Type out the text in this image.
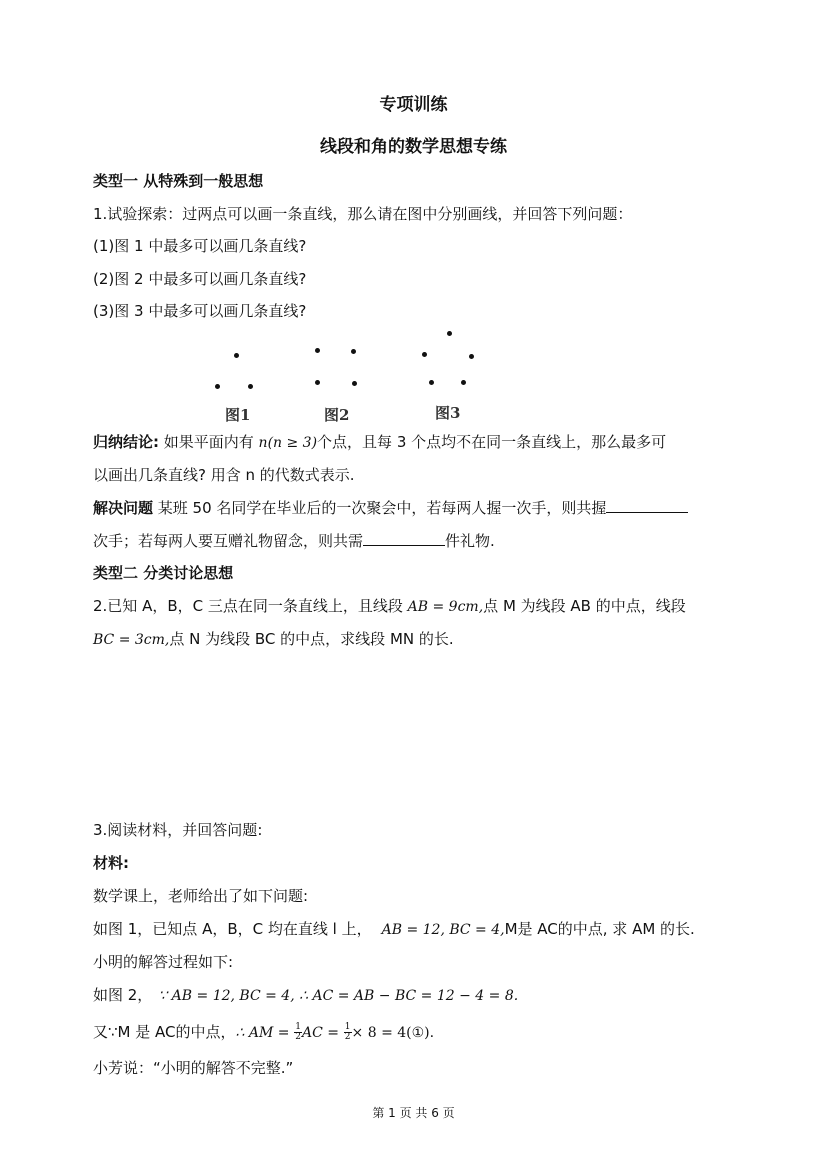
专项训练
线段和角的数学思想专练
类型一 从特殊到一般思想
1.试验探索：过两点可以画一条直线，那么请在图中分别画线，并回答下列问题：
(1)图 1 中最多可以画几条直线?
(2)图 2 中最多可以画几条直线?
(3)图 3 中最多可以画几条直线?
图1	图2	图3
归纳结论: 如果平面内有 n(n ≥ 3)个点，且每 3 个点均不在同一条直线上，那么最多可
以画出几条直线? 用含 n 的代数式表示.
解决问题 某班 50 名同学在毕业后的一次聚会中，若每两人握一次手，则共握
次手；若每两人要互赠礼物留念，则共需	件礼物.
类型二 分类讨论思想
2.已知 A，B，C 三点在同一条直线上，且线段 AB = 9cm,点 M 为线段 AB 的中点，线段
BC = 3cm,点 N 为线段 BC 的中点，求线段 MN 的长.
3.阅读材料，并回答问题:
材料:
数学课上，老师给出了如下问题:
如图 1，已知点 A，B，C 均在直线 l 上， AB = 12, BC = 4,M是 AC的中点, 求 AM 的长.
小明的解答过程如下:
如图 2， ∵ AB = 12, BC = 4, ∴ AC = AB − BC = 12 − 4 = 8.
又∵M 是 AC的中点，∴ AM = $\frac{1}{2}$ AC = $\frac{1}{2} \times 8$ = 4(①).
小芳说：“小明的解答不完整.”
第 1 页 共 6 页
